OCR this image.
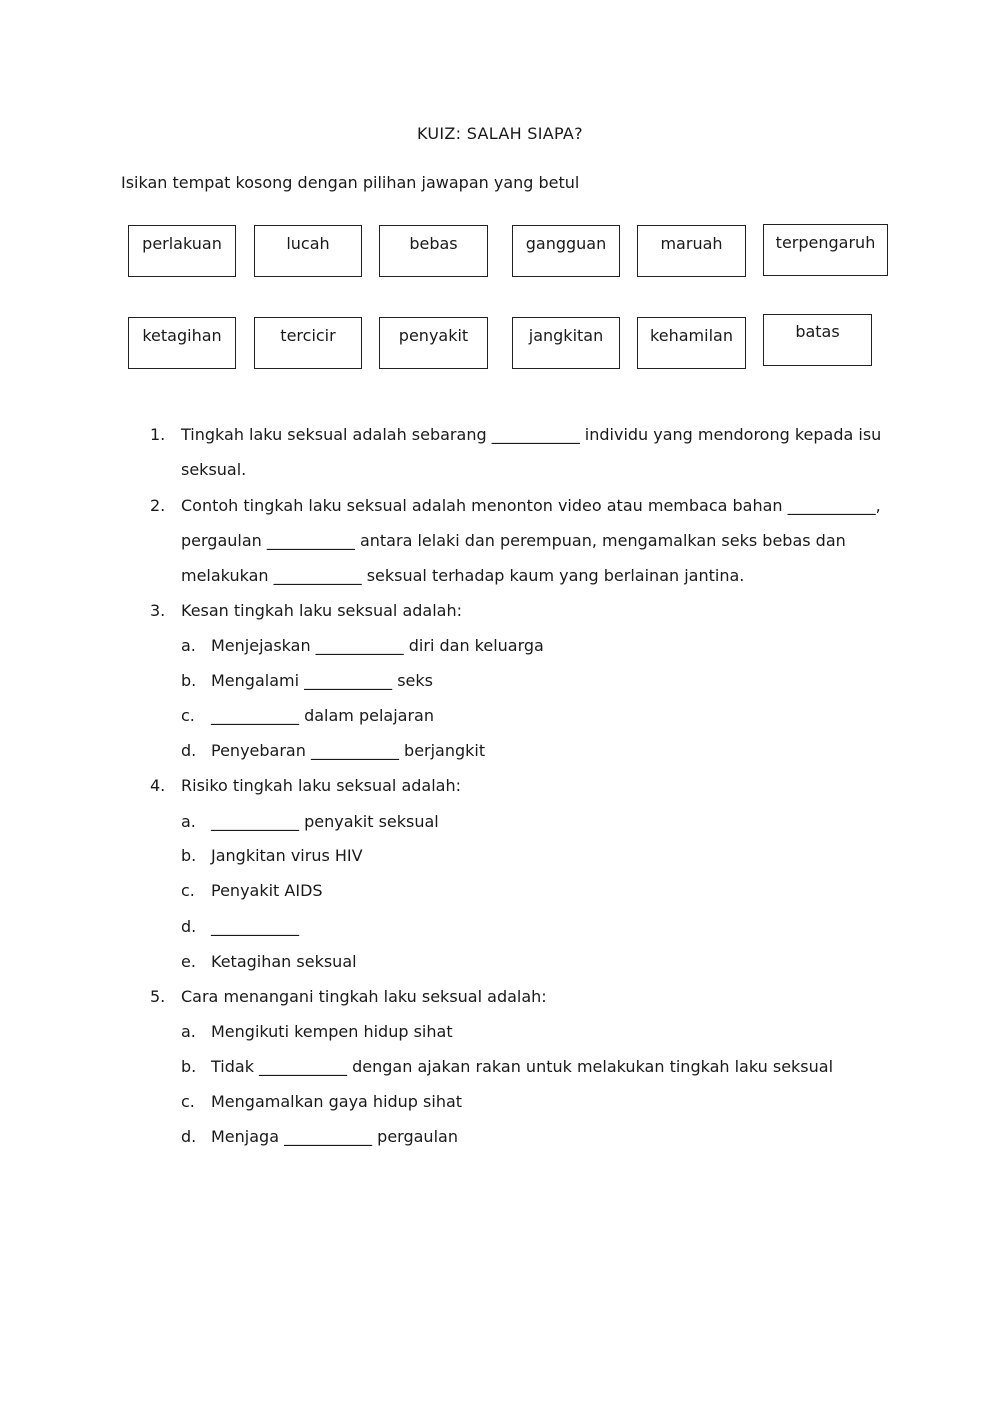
KUIZ: SALAH SIAPA?
Isikan tempat kosong dengan pilihan jawapan yang betul
perlakuan	lucah	bebas	gangguan	maruah	terpengaruh
ketagihan	tercicir	penyakit	jangkitan	kehamilan	batas
1. Tingkah laku seksual adalah sebarang ___________ individu yang mendorong kepada isu
seksual.
2. Contoh tingkah laku seksual adalah menonton video atau membaca bahan ___________,
pergaulan ___________ antara lelaki dan perempuan, mengamalkan seks bebas dan
melakukan ___________ seksual terhadap kaum yang berlainan jantina.
3. Kesan tingkah laku seksual adalah:
a. Menjejaskan ___________ diri dan keluarga
b. Mengalami ___________ seks
c. ___________ dalam pelajaran
d. Penyebaran ___________ berjangkit
4. Risiko tingkah laku seksual adalah:
a. ___________ penyakit seksual
b. Jangkitan virus HIV
c. Penyakit AIDS
d. ___________
e. Ketagihan seksual
5. Cara menangani tingkah laku seksual adalah:
a. Mengikuti kempen hidup sihat
b. Tidak ___________ dengan ajakan rakan untuk melakukan tingkah laku seksual
c. Mengamalkan gaya hidup sihat
d. Menjaga ___________ pergaulan
